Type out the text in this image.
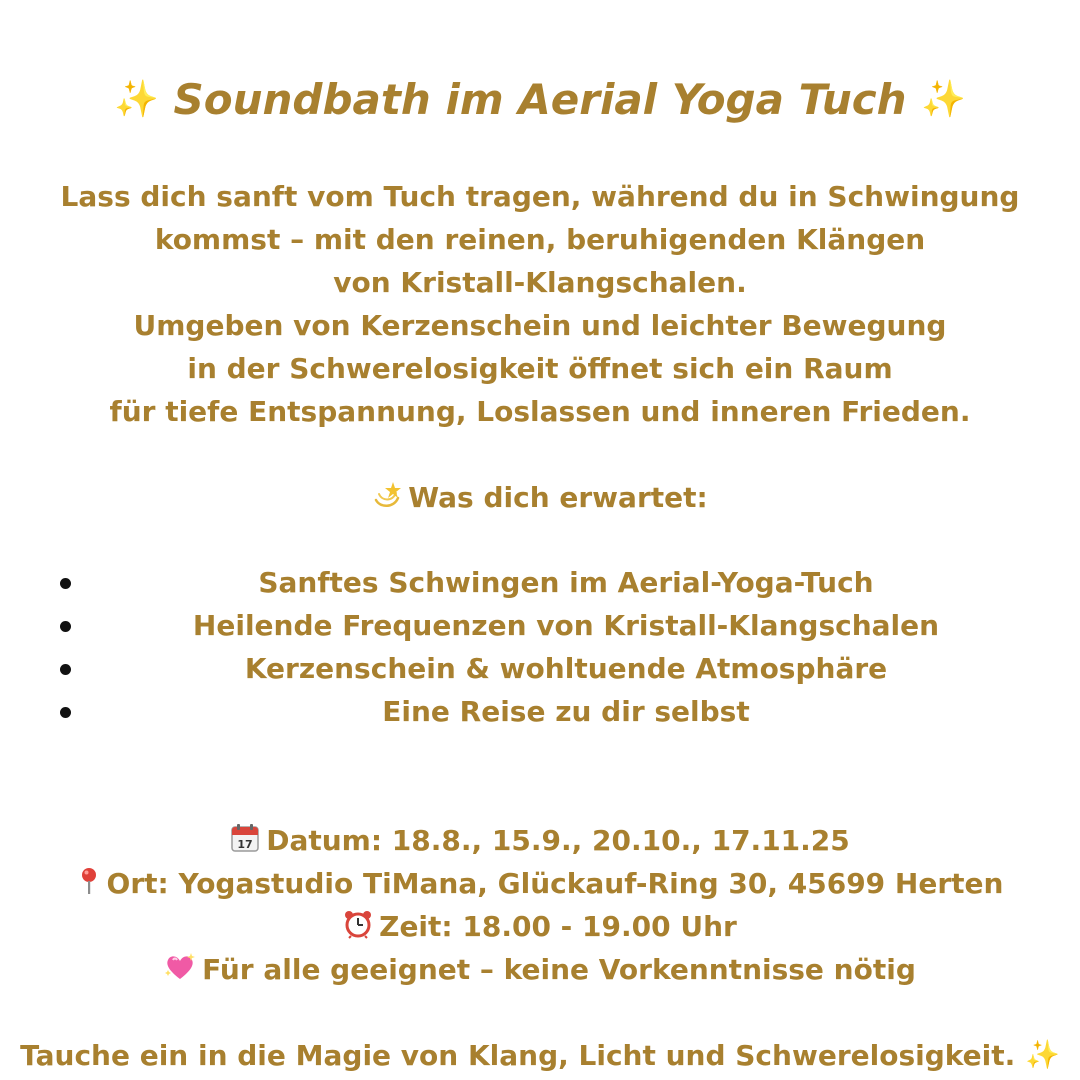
✨ Soundbath im Aerial Yoga Tuch ✨
Lass dich sanft vom Tuch tragen, während du in Schwingung
kommst – mit den reinen, beruhigenden Klängen
von Kristall-Klangschalen.
Umgeben von Kerzenschein und leichter Bewegung
in der Schwerelosigkeit öffnet sich ein Raum
für tiefe Entspannung, Loslassen und inneren Frieden.
Was dich erwartet:
Sanftes Schwingen im Aerial-Yoga-Tuch
Heilende Frequenzen von Kristall-Klangschalen
Kerzenschein & wohltuende Atmosphäre
Eine Reise zu dir selbst
17 Datum: 18.8., 15.9., 20.10., 17.11.25
Ort: Yogastudio TiMana, Glückauf-Ring 30, 45699 Herten
Zeit: 18.00 - 19.00 Uhr
Für alle geeignet – keine Vorkenntnisse nötig
Tauche ein in die Magie von Klang, Licht und Schwerelosigkeit. ✨
